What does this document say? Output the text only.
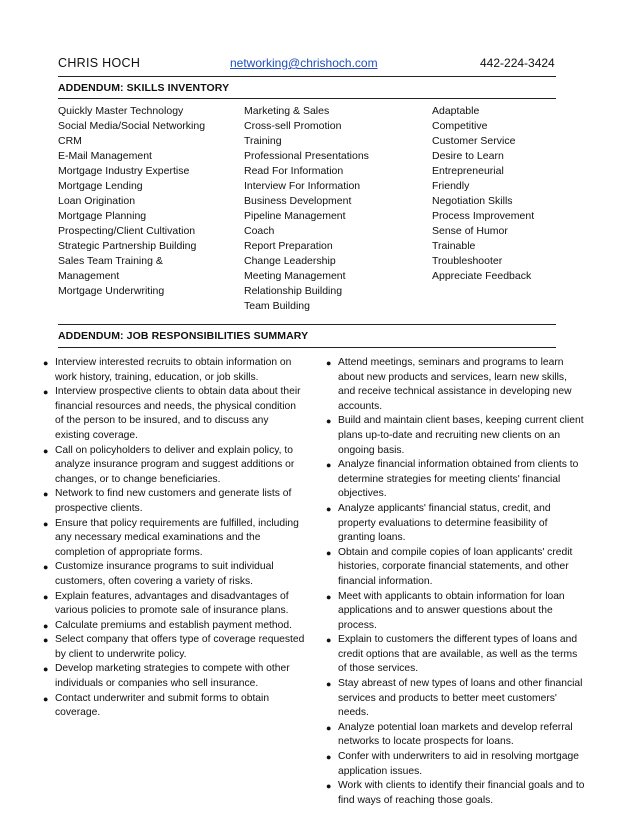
CHRIS HOCH	networking@chrishoch.com	442-224-3424
ADDENDUM: SKILLS INVENTORY
Quickly Master Technology
Social Media/Social Networking
CRM
E-Mail Management
Mortgage Industry Expertise
Mortgage Lending
Loan Origination
Mortgage Planning
Prospecting/Client Cultivation
Strategic Partnership Building
Sales Team Training & Management
Mortgage Underwriting
Marketing & Sales
Cross-sell Promotion
Training
Professional Presentations
Read For Information
Interview For Information
Business Development
Pipeline Management
Coach
Report Preparation
Change Leadership
Meeting Management
Relationship Building
Team Building
Adaptable
Competitive
Customer Service
Desire to Learn
Entrepreneurial
Friendly
Negotiation Skills
Process Improvement
Sense of Humor
Trainable
Troubleshooter
Appreciate Feedback
ADDENDUM: JOB RESPONSIBILITIES SUMMARY
● Interview interested recruits to obtain information on work history, training, education, or job skills.
● Interview prospective clients to obtain data about their financial resources and needs, the physical condition of the person to be insured, and to discuss any existing coverage.
● Call on policyholders to deliver and explain policy, to analyze insurance program and suggest additions or changes, or to change beneficiaries.
● Network to find new customers and generate lists of prospective clients.
● Ensure that policy requirements are fulfilled, including any necessary medical examinations and the completion of appropriate forms.
● Customize insurance programs to suit individual customers, often covering a variety of risks.
● Explain features, advantages and disadvantages of various policies to promote sale of insurance plans.
● Calculate premiums and establish payment method.
● Select company that offers type of coverage requested by client to underwrite policy.
● Develop marketing strategies to compete with other individuals or companies who sell insurance.
● Contact underwriter and submit forms to obtain coverage.
● Attend meetings, seminars and programs to learn about new products and services, learn new skills, and receive technical assistance in developing new accounts.
● Build and maintain client bases, keeping current client plans up-to-date and recruiting new clients on an ongoing basis.
● Analyze financial information obtained from clients to determine strategies for meeting clients' financial objectives.
● Analyze applicants' financial status, credit, and property evaluations to determine feasibility of granting loans.
● Obtain and compile copies of loan applicants' credit histories, corporate financial statements, and other financial information.
● Meet with applicants to obtain information for loan applications and to answer questions about the process.
● Explain to customers the different types of loans and credit options that are available, as well as the terms of those services.
● Stay abreast of new types of loans and other financial services and products to better meet customers' needs.
● Analyze potential loan markets and develop referral networks to locate prospects for loans.
● Confer with underwriters to aid in resolving mortgage application issues.
● Work with clients to identify their financial goals and to find ways of reaching those goals.
